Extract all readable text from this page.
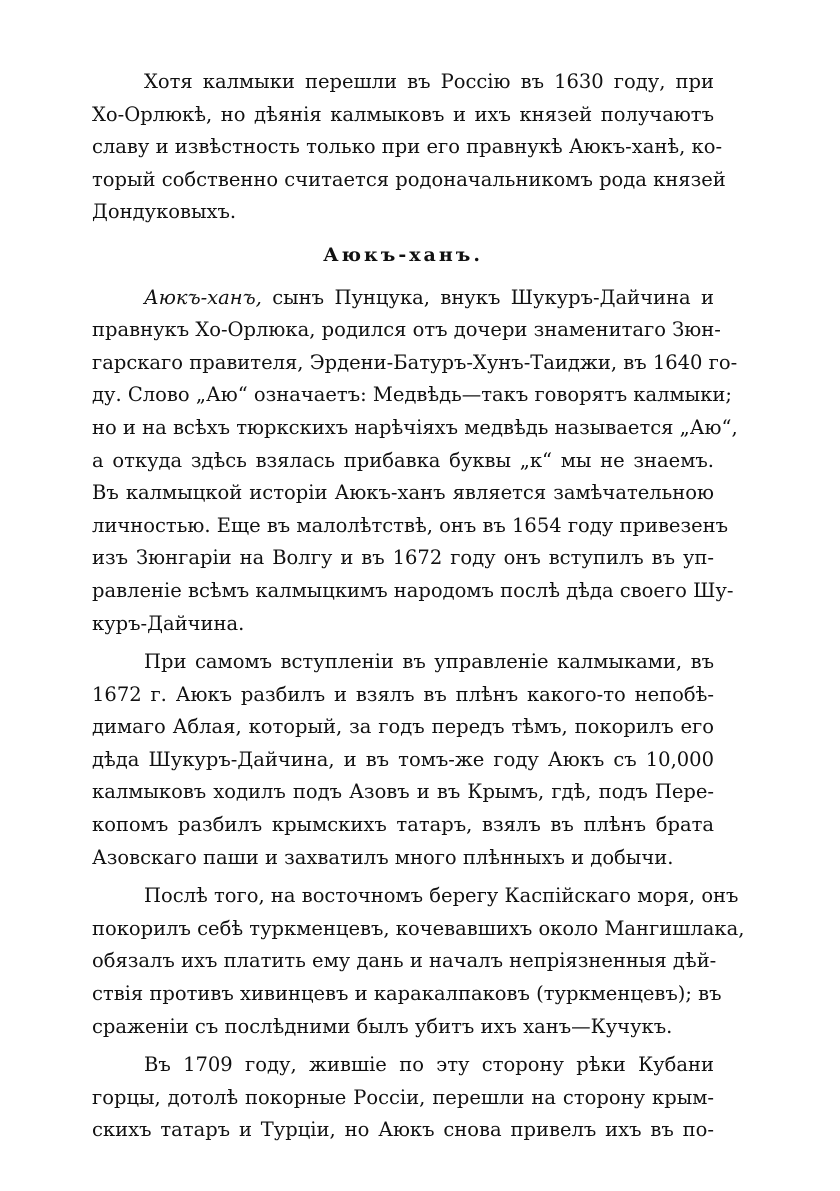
Хотя калмыки перешли въ Россію въ 1630 году, при
Хо-Орлюкѣ, но дѣянія калмыковъ и ихъ князей получаютъ
славу и извѣстность только при его правнукѣ Аюкъ-ханѣ, ко-
торый собственно считается родоначальникомъ рода князей
Дондуковыхъ.
Аюкъ-ханъ.
Аюкъ-ханъ, сынъ Пунцука, внукъ Шукуръ-Дайчина и
правнукъ Хо-Орлюка, родился отъ дочери знаменитаго Зюн-
гарскаго правителя, Эрдени-Батуръ-Хунъ-Таиджи, въ 1640 го-
ду. Слово „Аю“ означаетъ: Медвѣдь—такъ говорятъ калмыки;
но и на всѣхъ тюркскихъ нарѣчіяхъ медвѣдь называется „Аю“,
а откуда здѣсь взялась прибавка буквы „к“ мы не знаемъ.
Въ калмыцкой исторіи Аюкъ-ханъ является замѣчательною
личностью. Еще въ малолѣтствѣ, онъ въ 1654 году привезенъ
изъ Зюнгаріи на Волгу и въ 1672 году онъ вступилъ въ уп-
равленіе всѣмъ калмыцкимъ народомъ послѣ дѣда своего Шу-
куръ-Дайчина.
При самомъ вступленіи въ управленіе калмыками, въ
1672 г. Аюкъ разбилъ и взялъ въ плѣнъ какого-то непобѣ-
димаго Аблая, который, за годъ передъ тѣмъ, покорилъ его
дѣда Шукуръ-Дайчина, и въ томъ-же году Аюкъ съ 10,000
калмыковъ ходилъ подъ Азовъ и въ Крымъ, гдѣ, подъ Пере-
копомъ разбилъ крымскихъ татаръ, взялъ въ плѣнъ брата
Азовскаго паши и захватилъ много плѣнныхъ и добычи.
Послѣ того, на восточномъ берегу Каспійскаго моря, онъ
покорилъ себѣ туркменцевъ, кочевавшихъ около Мангишлака,
обязалъ ихъ платить ему дань и началъ непріязненныя дѣй-
ствія противъ хивинцевъ и каракалпаковъ (туркменцевъ); въ
сраженіи съ послѣдними былъ убитъ ихъ ханъ—Кучукъ.
Въ 1709 году, жившіе по эту сторону рѣки Кубани
горцы, дотолѣ покорные Россіи, перешли на сторону крым-
скихъ татаръ и Турціи, но Аюкъ снова привелъ ихъ въ по-
